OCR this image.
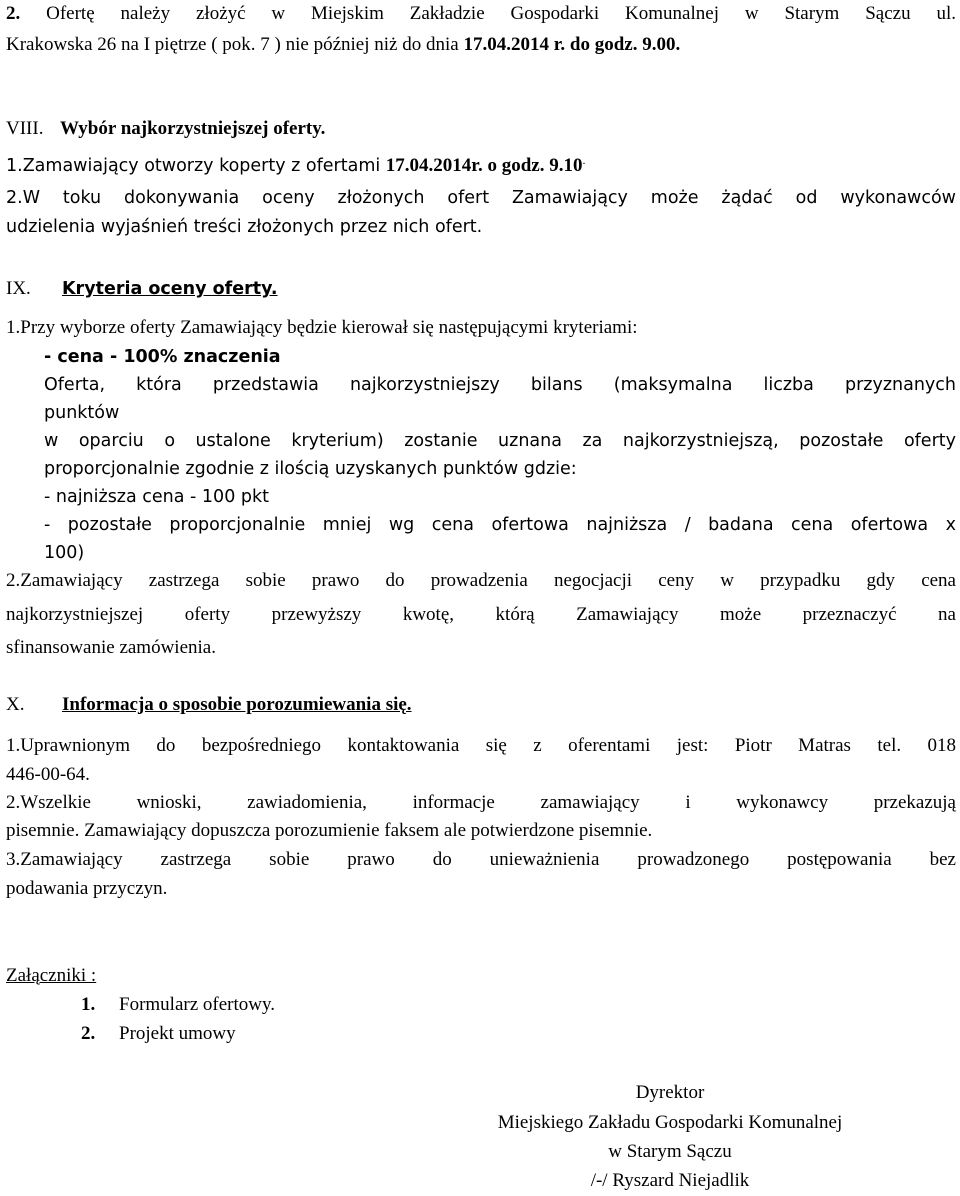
2. Ofertę należy złożyć w Miejskim Zakładzie Gospodarki Komunalnej w Starym Sączu ul.
Krakowska 26 na I piętrze ( pok. 7 ) nie później niż do dnia 17.04.2014 r. do godz. 9.00.
VIII. Wybór najkorzystniejszej oferty.
1.Zamawiający otworzy koperty z ofertami 17.04.2014r. o godz. 9.10.
2.W toku dokonywania oceny złożonych ofert Zamawiający może żądać od wykonawców
udzielenia wyjaśnień treści złożonych przez nich ofert.
IX. Kryteria oceny oferty.
1.Przy wyborze oferty Zamawiający będzie kierował się następującymi kryteriami:
- cena - 100% znaczenia
Oferta, która przedstawia najkorzystniejszy bilans (maksymalna liczba przyznanych
punktów
w oparciu o ustalone kryterium) zostanie uznana za najkorzystniejszą, pozostałe oferty
proporcjonalnie zgodnie z ilością uzyskanych punktów gdzie:
- najniższa cena - 100 pkt
- pozostałe proporcjonalnie mniej wg cena ofertowa najniższa / badana cena ofertowa x
100)
2.Zamawiający zastrzega sobie prawo do prowadzenia negocjacji ceny w przypadku gdy cena
najkorzystniejszej oferty przewyższy kwotę, którą Zamawiający może przeznaczyć na
sfinansowanie zamówienia.
X. Informacja o sposobie porozumiewania się.
1.Uprawnionym do bezpośredniego kontaktowania się z oferentami jest: Piotr Matras tel. 018
446-00-64.
2.Wszelkie wnioski, zawiadomienia, informacje zamawiający i wykonawcy przekazują
pisemnie. Zamawiający dopuszcza porozumienie faksem ale potwierdzone pisemnie.
3.Zamawiający zastrzega sobie prawo do unieważnienia prowadzonego postępowania bez
podawania przyczyn.
Załączniki :
1. Formularz ofertowy.
2. Projekt umowy
Dyrektor
Miejskiego Zakładu Gospodarki Komunalnej
w Starym Sączu
/-/ Ryszard Niejadlik
